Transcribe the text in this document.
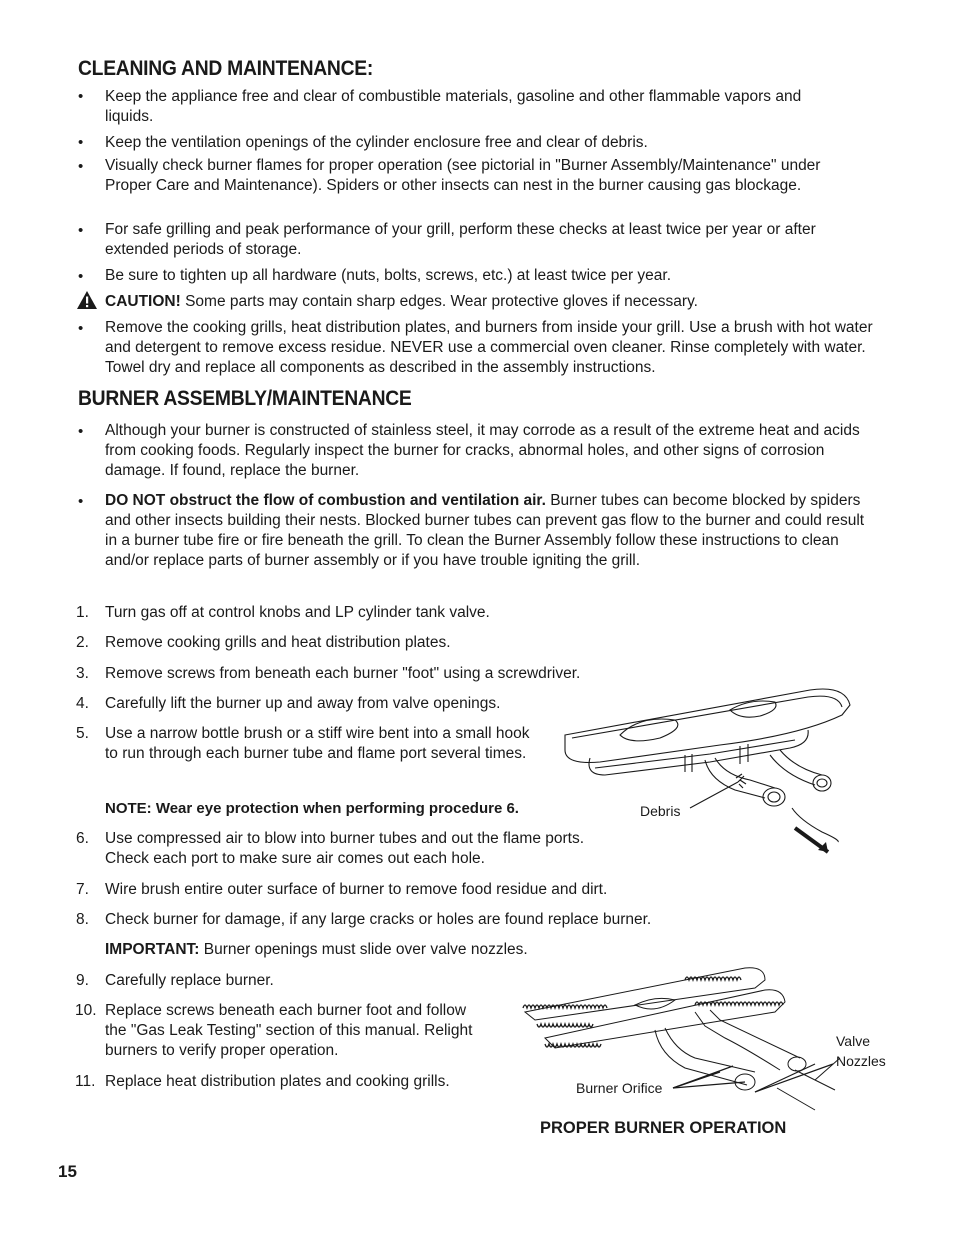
CLEANING AND MAINTENANCE:
• Keep the appliance free and clear of combustible materials, gasoline and other flammable vapors and liquids.
• Keep the ventilation openings of the cylinder enclosure free and clear of debris.
• Visually check burner flames for proper operation (see pictorial in "Burner Assembly/Maintenance" under Proper Care and Maintenance). Spiders or other insects can nest in the burner causing gas blockage.
• For safe grilling and peak performance of your grill, perform these checks at least twice per year or after extended periods of storage.
• Be sure to tighten up all hardware (nuts, bolts, screws, etc.) at least twice per year.
CAUTION! Some parts may contain sharp edges. Wear protective gloves if necessary.
• Remove the cooking grills, heat distribution plates, and burners from inside your grill. Use a brush with hot water and detergent to remove excess residue. NEVER use a commercial oven cleaner. Rinse completely with water. Towel dry and replace all components as described in the assembly instructions.
BURNER ASSEMBLY/MAINTENANCE
• Although your burner is constructed of stainless steel, it may corrode as a result of the extreme heat and acids from cooking foods. Regularly inspect the burner for cracks, abnormal holes, and other signs of corrosion damage. If found, replace the burner.
• DO NOT obstruct the flow of combustion and ventilation air. Burner tubes can become blocked by spiders and other insects building their nests. Blocked burner tubes can prevent gas flow to the burner and could result in a burner tube fire or fire beneath the grill. To clean the Burner Assembly follow these instructions to clean and/or replace parts of burner assembly or if you have trouble igniting the grill.
1. Turn gas off at control knobs and LP cylinder tank valve.
2. Remove cooking grills and heat distribution plates.
3. Remove screws from beneath each burner "foot" using a screwdriver.
4. Carefully lift the burner up and away from valve openings.
5. Use a narrow bottle brush or a stiff wire bent into a small hook to run through each burner tube and flame port several times.
NOTE: Wear eye protection when performing procedure 6.
6. Use compressed air to blow into burner tubes and out the flame ports. Check each port to make sure air comes out each hole.
7. Wire brush entire outer surface of burner to remove food residue and dirt.
8. Check burner for damage, if any large cracks or holes are found replace burner.
IMPORTANT: Burner openings must slide over valve nozzles.
9. Carefully replace burner.
10. Replace screws beneath each burner foot and follow the "Gas Leak Testing" section of this manual. Relight burners to verify proper operation.
11. Replace heat distribution plates and cooking grills.
Debris
Valve
Nozzles
Burner Orifice
PROPER BURNER OPERATION
15
